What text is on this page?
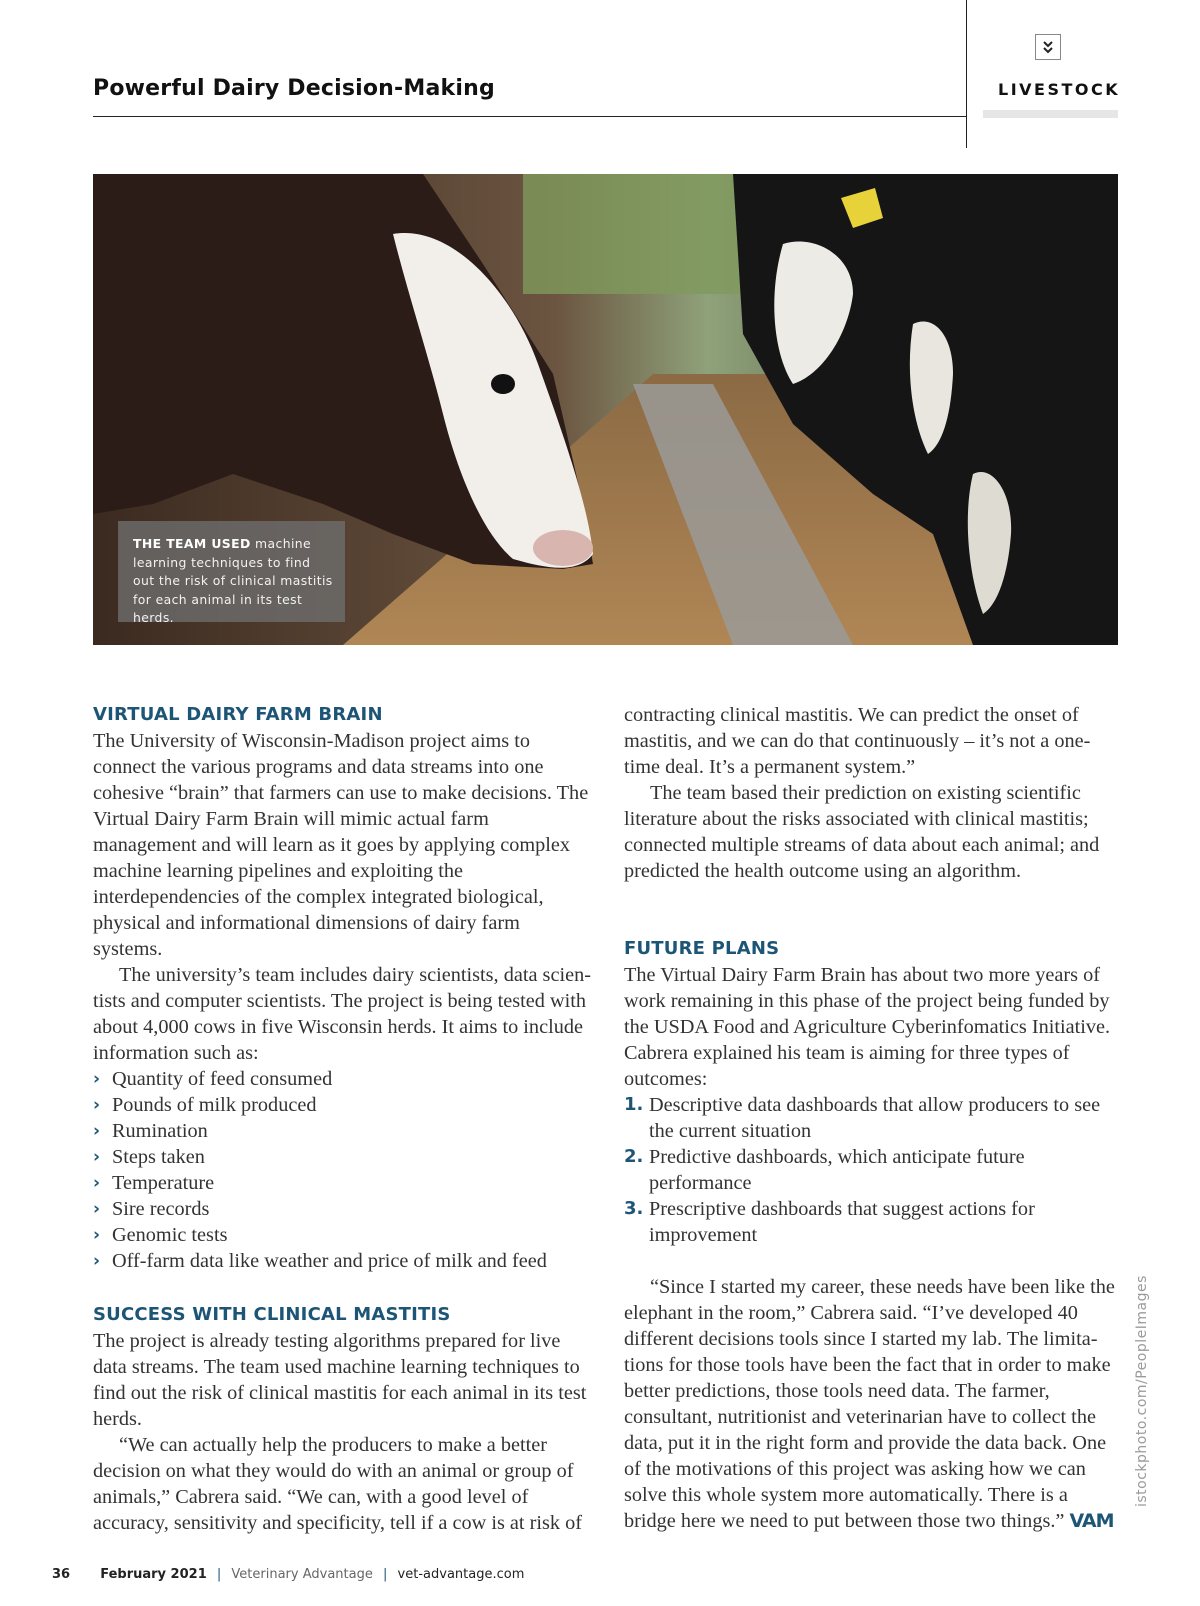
Powerful Dairy Decision-Making	LIVESTOCK
THE TEAM USED machine learning techniques to find out the risk of clinical mastitis for each animal in its test herds.
VIRTUAL DAIRY FARM BRAIN

The University of Wisconsin-Madison project aims to connect the various programs and data streams into one cohesive “brain” that farmers can use to make decisions. The Virtual Dairy Farm Brain will mimic actual farm management and will learn as it goes by applying complex machine learning pipelines and exploiting the interdependencies of the complex integrated biological, physical and informational dimensions of dairy farm systems.

The university’s team includes dairy scientists, data scien-tists and computer scientists. The project is being tested with about 4,000 cows in five Wisconsin herds. It aims to include information such as:

› Quantity of feed consumed
› Pounds of milk produced
› Rumination
› Steps taken
› Temperature
› Sire records
› Genomic tests
› Off-farm data like weather and price of milk and feed
SUCCESS WITH CLINICAL MASTITIS

The project is already testing algorithms prepared for live data streams. The team used machine learning techniques to find out the risk of clinical mastitis for each animal in its test herds.

“We can actually help the producers to make a better decision on what they would do with an animal or group of animals,” Cabrera said. “We can, with a good level of accuracy, sensitivity and specificity, tell if a cow is at risk of

contracting clinical mastitis. We can predict the onset of mastitis, and we can do that continuously – it’s not a one-time deal. It’s a permanent system.”

The team based their prediction on existing scientific literature about the risks associated with clinical mastitis; connected multiple streams of data about each animal; and predicted the health outcome using an algorithm.

FUTURE PLANS

The Virtual Dairy Farm Brain has about two more years of work remaining in this phase of the project being funded by the USDA Food and Agriculture Cyberinfomatics Initiative. Cabrera explained his team is aiming for three types of outcomes:

1. Descriptive data dashboards that allow producers to see the current situation
2. Predictive dashboards, which anticipate future performance
3. Prescriptive dashboards that suggest actions for improvement

“Since I started my career, these needs have been like the elephant in the room,” Cabrera said. “I’ve developed 40 different decisions tools since I started my lab. The limita-tions for those tools have been the fact that in order to make better predictions, those tools need data. The farmer, consultant, nutritionist and veterinarian have to collect the data, put it in the right form and provide the data back. One of the motivations of this project was asking how we can solve this whole system more automatically. There is a bridge here we need to put between those two things.” VAM

istockphoto.com/PeopleImages
36 February 2021 | Veterinary Advantage | vet-advantage.com
